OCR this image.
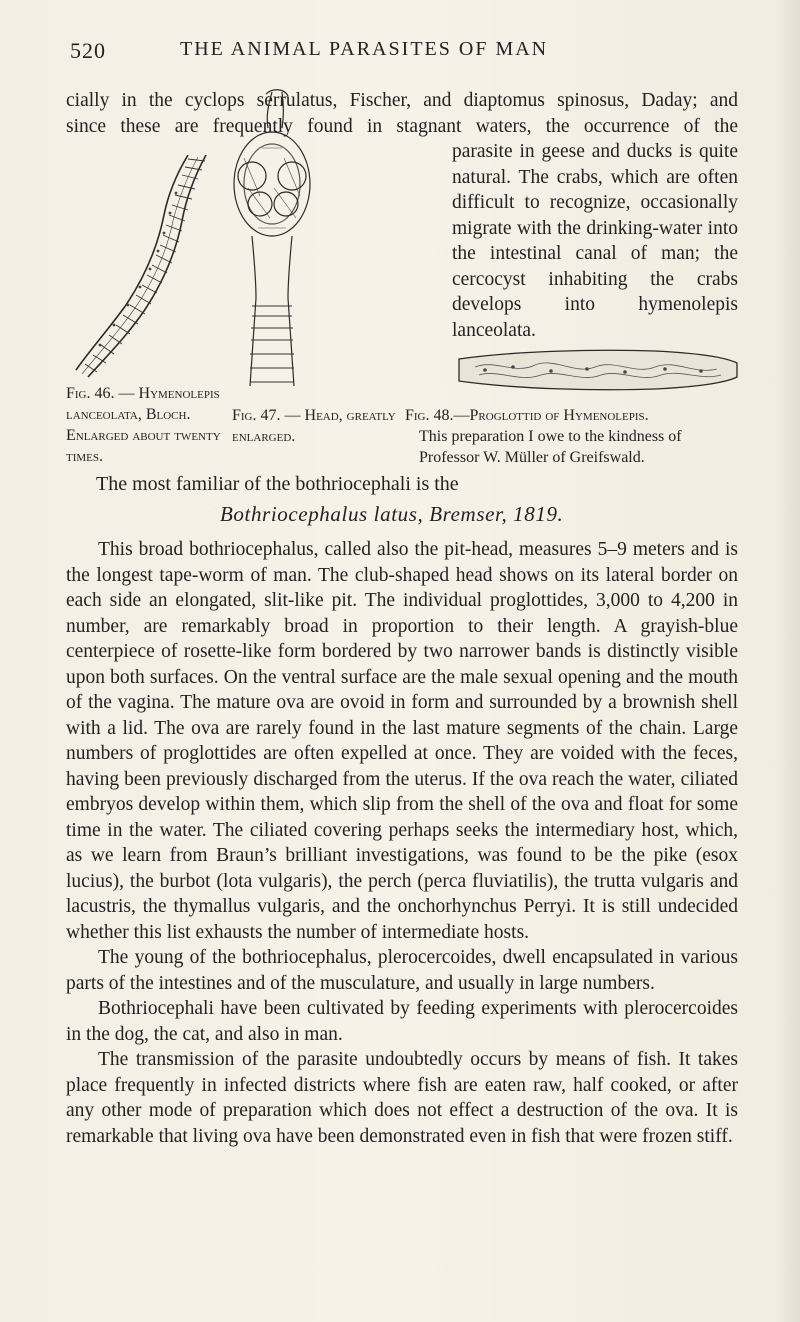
520	THE ANIMAL PARASITES OF MAN
cially in the cyclops serrulatus, Fischer, and diaptomus spinosus, Daday; and
since these are frequently found in stagnant waters, the occurrence of the
parasite in geese and ducks is quite natural. The crabs, which are often difficult to recognize, occasionally migrate with the drinking-water into the intestinal canal of man; the cercocyst inhabiting the crabs develops into hymenolepis lanceolata.
Fig. 46. — Hymenolepis lanceolata, Bloch. Enlarged about twenty times.
Fig. 47. — Head, greatly enlarged.
Fig. 48.—Proglottid of Hymenolepis.
This preparation I owe to the kindness of Professor W. Müller of Greifswald.
The most familiar of the bothriocephali is the
Bothriocephalus latus, Bremser, 1819.

This broad bothriocephalus, called also the pit-head, measures 5–9 meters and is the longest tape-worm of man. The club-shaped head shows on its lateral border on each side an elongated, slit-like pit. The individual proglottides, 3,000 to 4,200 in number, are remarkably broad in proportion to their length. A grayish-blue centerpiece of rosette-like form bordered by two narrower bands is distinctly visible upon both surfaces. On the ventral surface are the male sexual opening and the mouth of the vagina. The mature ova are ovoid in form and surrounded by a brownish shell with a lid. The ova are rarely found in the last mature segments of the chain. Large numbers of proglottides are often expelled at once. They are voided with the feces, having been previously discharged from the uterus. If the ova reach the water, ciliated embryos develop within them, which slip from the shell of the ova and float for some time in the water. The ciliated covering perhaps seeks the intermediary host, which, as we learn from Braun’s brilliant investigations, was found to be the pike (esox lucius), the burbot (lota vulgaris), the perch (perca fluviatilis), the trutta vulgaris and lacustris, the thymallus vulgaris, and the onchorhynchus Perryi. It is still undecided whether this list exhausts the number of intermediate hosts.

The young of the bothriocephalus, plerocercoides, dwell encapsulated in various parts of the intestines and of the musculature, and usually in large numbers.

Bothriocephali have been cultivated by feeding experiments with plerocercoides in the dog, the cat, and also in man.

The transmission of the parasite undoubtedly occurs by means of fish. It takes place frequently in infected districts where fish are eaten raw, half cooked, or after any other mode of preparation which does not effect a destruction of the ova. It is remarkable that living ova have been demonstrated even in fish that were frozen stiff.
